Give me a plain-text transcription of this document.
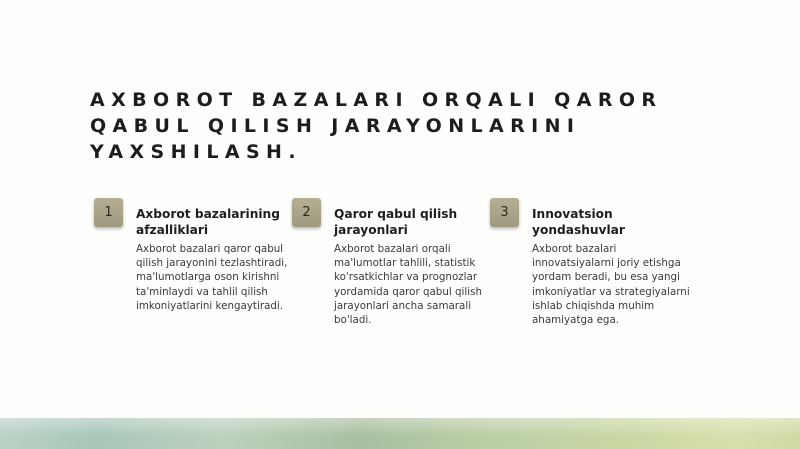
AXBOROT BAZALARI ORQALI QAROR QABUL QILISH JARAYONLARINI YAXSHILASH.
1	Axborot bazalarining afzalliklari

Axborot bazalari qaror qabul qilish jarayonini tezlashtiradi, ma'lumotlarga oson kirishni ta'minlaydi va tahlil qilish imkoniyatlarini kengaytiradi.

2	Qaror qabul qilish jarayonlari

Axborot bazalari orqali ma'lumotlar tahlili, statistik ko'rsatkichlar va prognozlar yordamida qaror qabul qilish jarayonlari ancha samarali bo'ladi.

3	Innovatsion yondashuvlar

Axborot bazalari innovatsiyalarni joriy etishga yordam beradi, bu esa yangi imkoniyatlar va strategiyalarni ishlab chiqishda muhim ahamiyatga ega.
